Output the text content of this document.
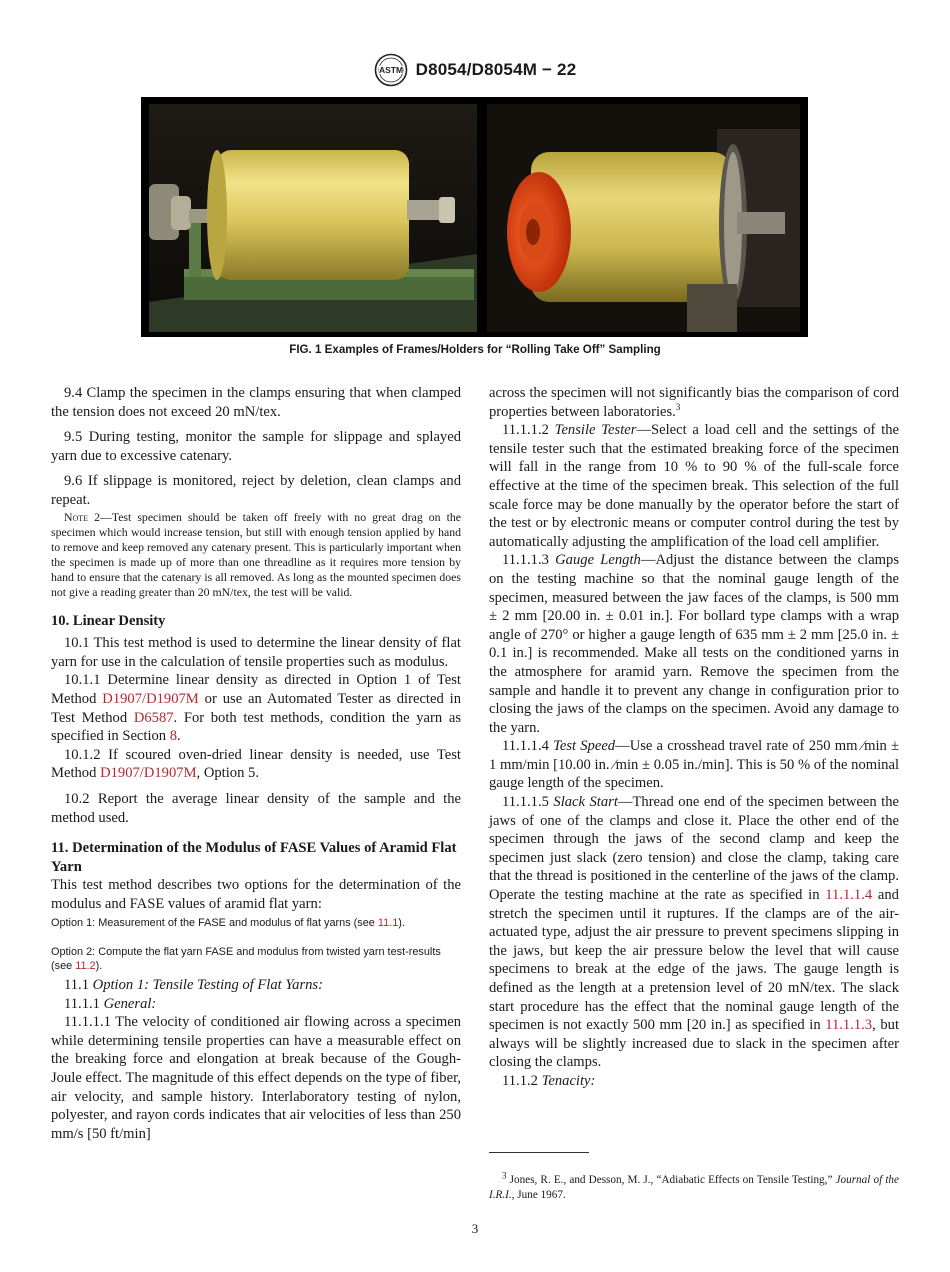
ASTM D8054/D8054M − 22
FIG. 1 Examples of Frames/Holders for “Rolling Take Off” Sampling

9.4 Clamp the specimen in the clamps ensuring that when clamped the tension does not exceed 20 mN/tex.

9.5 During testing, monitor the sample for slippage and splayed yarn due to excessive catenary.

9.6 If slippage is monitored, reject by deletion, clean clamps and repeat.

Note 2—Test specimen should be taken off freely with no great drag on the specimen which would increase tension, but still with enough tension applied by hand to remove and keep removed any catenary present. This is particularly important when the specimen is made up of more than one threadline as it requires more tension by hand to ensure that the catenary is all removed. As long as the mounted specimen does not give a reading greater than 20 mN/tex, the test will be valid.

10. Linear Density

10.1 This test method is used to determine the linear density of flat yarn for use in the calculation of tensile properties such as modulus.

10.1.1 Determine linear density as directed in Option 1 of Test Method D1907/D1907M or use an Automated Tester as directed in Test Method D6587. For both test methods, condition the yarn as specified in Section 8.

10.1.2 If scoured oven-dried linear density is needed, use Test Method D1907/D1907M, Option 5.

10.2 Report the average linear density of the sample and the method used.

11. Determination of the Modulus of FASE Values of Aramid Flat Yarn

This test method describes two options for the determination of the modulus and FASE values of aramid flat yarn:

Option 1: Measurement of the FASE and modulus of flat yarns (see 11.1).

Option 2: Compute the flat yarn FASE and modulus from twisted yarn test-results (see 11.2).

11.1 Option 1: Tensile Testing of Flat Yarns:

11.1.1 General:

11.1.1.1 The velocity of conditioned air flowing across a specimen while determining tensile properties can have a measurable effect on the breaking force and elongation at break because of the Gough-Joule effect. The magnitude of this effect depends on the type of fiber, air velocity, and sample history. Interlaboratory testing of nylon, polyester, and rayon cords indicates that air velocities of less than 250 mm/s [50 ft/min]

across the specimen will not significantly bias the comparison of cord properties between laboratories.$^3$

11.1.1.2 Tensile Tester—Select a load cell and the settings of the tensile tester such that the estimated breaking force of the specimen will fall in the range from 10 % to 90 % of the full-scale force effective at the time of the specimen break. This selection of the full scale force may be done manually by the operator before the start of the test or by electronic means or computer control during the test by automatically adjusting the amplification of the load cell amplifier.

11.1.1.3 Gauge Length—Adjust the distance between the clamps on the testing machine so that the nominal gauge length of the specimen, measured between the jaw faces of the clamps, is 500 mm ± 2 mm [20.00 in. ± 0.01 in.]. For bollard type clamps with a wrap angle of 270° or higher a gauge length of 635 mm ± 2 mm [25.0 in. ± 0.1 in.] is recommended. Make all tests on the conditioned yarns in the atmosphere for aramid yarn. Remove the specimen from the sample and handle it to prevent any change in configuration prior to closing the jaws of the clamps on the specimen. Avoid any damage to the yarn.

11.1.1.4 Test Speed—Use a crosshead travel rate of 250 mm ⁄min ± 1 mm/min [10.00 in. ⁄min ± 0.05 in./min]. This is 50 % of the nominal gauge length of the specimen.

11.1.1.5 Slack Start—Thread one end of the specimen between the jaws of one of the clamps and close it. Place the other end of the specimen through the jaws of the second clamp and keep the specimen just slack (zero tension) and close the clamp, taking care that the thread is positioned in the centerline of the jaws of the clamp. Operate the testing machine at the rate as specified in 11.1.1.4 and stretch the specimen until it ruptures. If the clamps are of the air-actuated type, adjust the air pressure to prevent specimens slipping in the jaws, but keep the air pressure below the level that will cause specimens to break at the edge of the jaws. The gauge length is defined as the length at a pretension level of 20 mN/tex. The slack start procedure has the effect that the nominal gauge length of the specimen is not exactly 500 mm [20 in.] as specified in 11.1.1.3, but always will be slightly increased due to slack in the specimen after closing the clamps.

11.1.2 Tenacity:

$^3$ Jones, R. E., and Desson, M. J., “Adiabatic Effects on Tensile Testing,” Journal of the I.R.I., June 1967.

3
